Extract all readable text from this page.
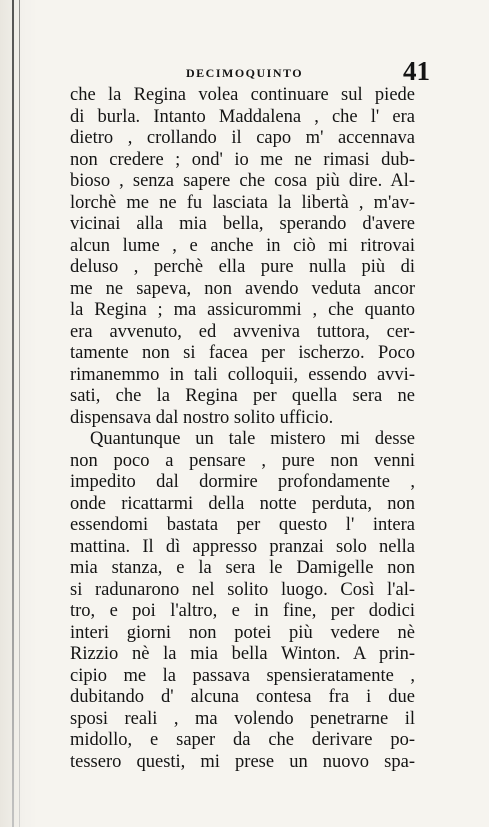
DECIMOQUINTO	41
che la Regina volea continuare sul piede
di burla. Intanto Maddalena , che l' era
dietro , crollando il capo m' accennava
non credere ; ond' io me ne rimasi dub-
bioso , senza sapere che cosa più dire. Al-
lorchè me ne fu lasciata la libertà , m'av-
vicinai alla mia bella, sperando d'avere
alcun lume , e anche in ciò mi ritrovai
deluso , perchè ella pure nulla più di
me ne sapeva, non avendo veduta ancor
la Regina ; ma assicurommi , che quanto
era avvenuto, ed avveniva tuttora, cer-
tamente non si facea per ischerzo. Poco
rimanemmo in tali colloquii, essendo avvi-
sati, che la Regina per quella sera ne
dispensava dal nostro solito ufficio.
Quantunque un tale mistero mi desse
non poco a pensare , pure non venni
impedito dal dormire profondamente ,
onde ricattarmi della notte perduta, non
essendomi bastata per questo l' intera
mattina. Il dì appresso pranzai solo nella
mia stanza, e la sera le Damigelle non
si radunarono nel solito luogo. Così l'al-
tro, e poi l'altro, e in fine, per dodici
interi giorni non potei più vedere nè
Rizzio nè la mia bella Winton. A prin-
cipio me la passava spensieratamente ,
dubitando d' alcuna contesa fra i due
sposi reali , ma volendo penetrarne il
midollo, e saper da che derivare po-
tessero questi, mi prese un nuovo spa-
